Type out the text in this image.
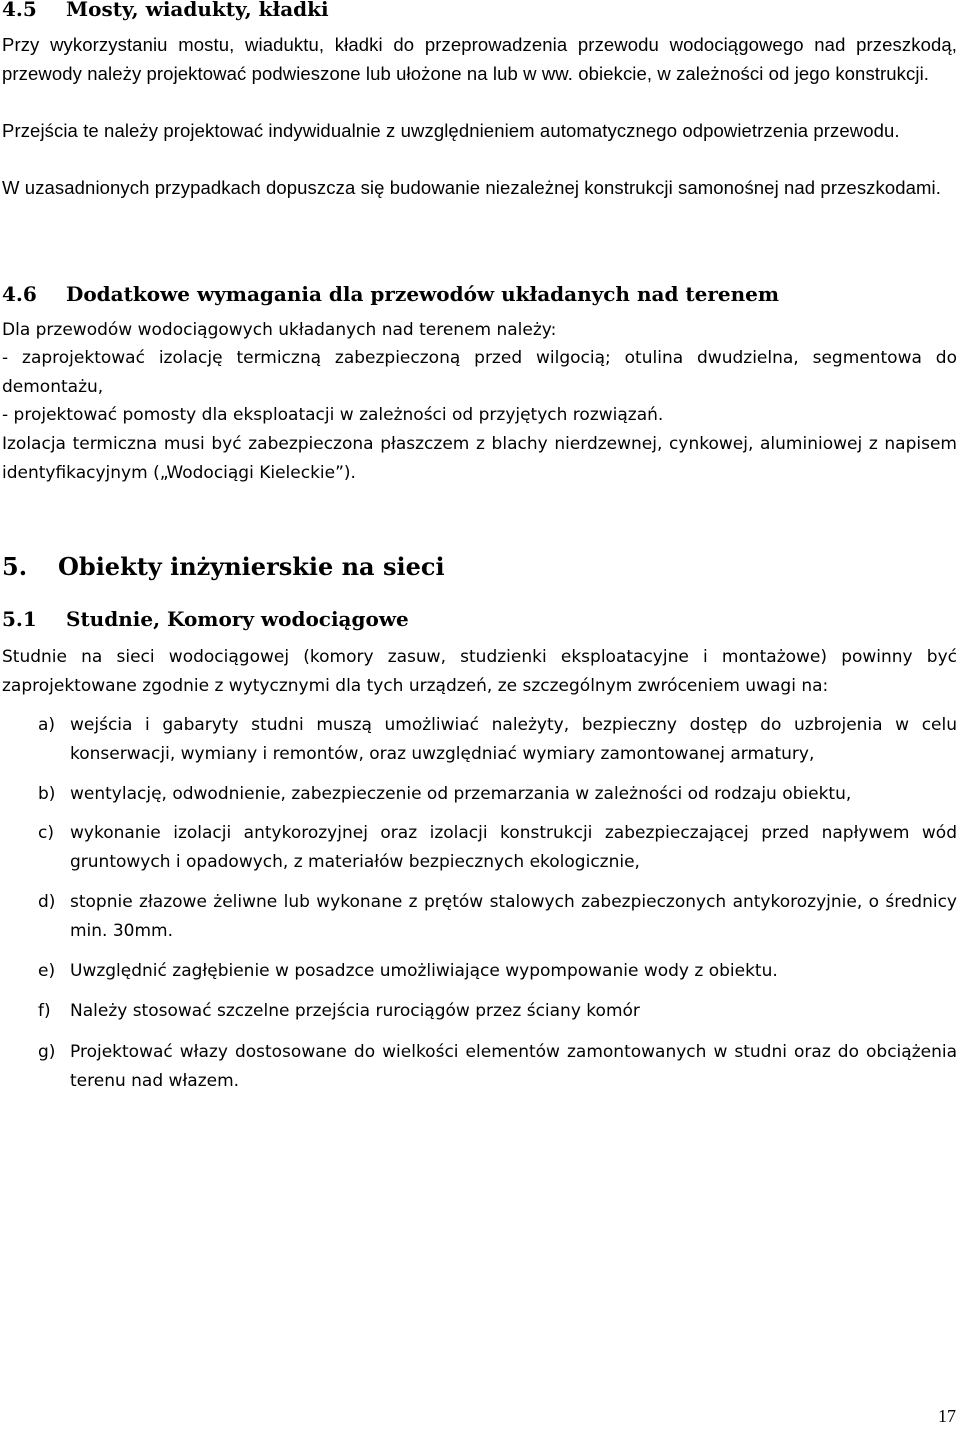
4.5 Mosty, wiadukty, kładki
Przy wykorzystaniu mostu, wiaduktu, kładki do przeprowadzenia przewodu wodociągowego nad przeszkodą, przewody należy projektować podwieszone lub ułożone na lub w ww. obiekcie, w zależności od jego konstrukcji.
Przejścia te należy projektować indywidualnie z uwzględnieniem automatycznego odpowietrzenia przewodu.
W uzasadnionych przypadkach dopuszcza się budowanie niezależnej konstrukcji samonośnej nad przeszkodami.
4.6 Dodatkowe wymagania dla przewodów układanych nad terenem
Dla przewodów wodociągowych układanych nad terenem należy:
- zaprojektować izolację termiczną zabezpieczoną przed wilgocią; otulina dwudzielna, segmentowa do demontażu,
- projektować pomosty dla eksploatacji w zależności od przyjętych rozwiązań.
Izolacja termiczna musi być zabezpieczona płaszczem z blachy nierdzewnej, cynkowej, aluminiowej z napisem identyfikacyjnym („Wodociągi Kieleckie”).
5. Obiekty inżynierskie na sieci
5.1 Studnie, Komory wodociągowe
Studnie na sieci wodociągowej (komory zasuw, studzienki eksploatacyjne i montażowe) powinny być zaprojektowane zgodnie z wytycznymi dla tych urządzeń, ze szczególnym zwróceniem uwagi na:
a) wejścia i gabaryty studni muszą umożliwiać należyty, bezpieczny dostęp do uzbrojenia w celu konserwacji, wymiany i remontów, oraz uwzględniać wymiary zamontowanej armatury,
b) wentylację, odwodnienie, zabezpieczenie od przemarzania w zależności od rodzaju obiektu,
c) wykonanie izolacji antykorozyjnej oraz izolacji konstrukcji zabezpieczającej przed napływem wód gruntowych i opadowych, z materiałów bezpiecznych ekologicznie,
d) stopnie złazowe żeliwne lub wykonane z prętów stalowych zabezpieczonych antykorozyjnie, o średnicy min. 30mm.
e) Uwzględnić zagłębienie w posadzce umożliwiające wypompowanie wody z obiektu.
f) Należy stosować szczelne przejścia rurociągów przez ściany komór
g) Projektować włazy dostosowane do wielkości elementów zamontowanych w studni oraz do obciążenia terenu nad włazem.
17
